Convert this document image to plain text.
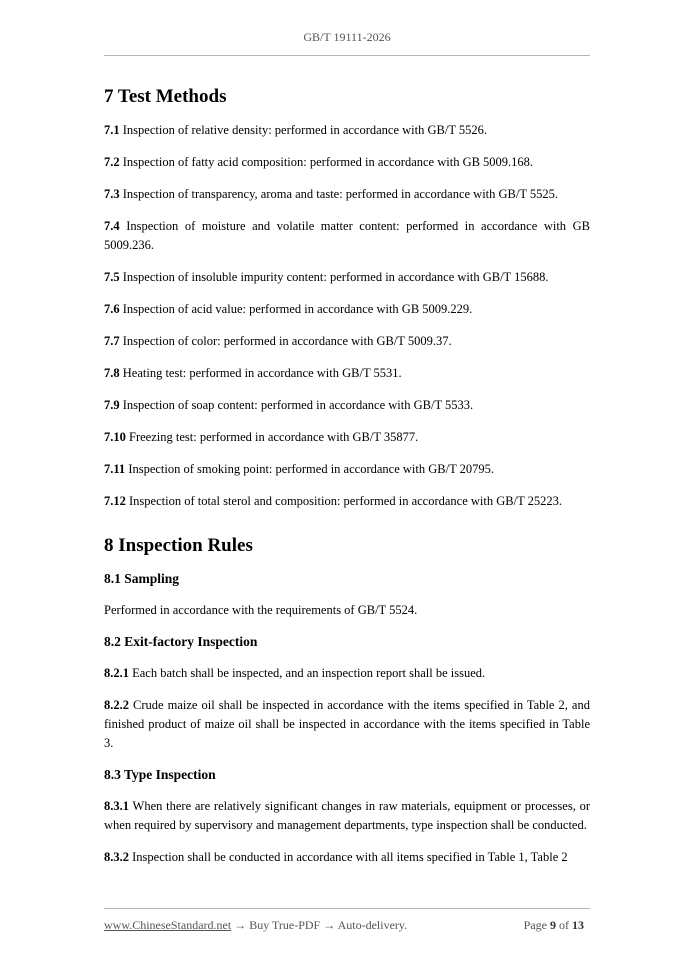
GB/T 19111-2026
7 Test Methods

7.1 Inspection of relative density: performed in accordance with GB/T 5526.

7.2 Inspection of fatty acid composition: performed in accordance with GB 5009.168.

7.3 Inspection of transparency, aroma and taste: performed in accordance with GB/T 5525.

7.4 Inspection of moisture and volatile matter content: performed in accordance with GB 5009.236.

7.5 Inspection of insoluble impurity content: performed in accordance with GB/T 15688.

7.6 Inspection of acid value: performed in accordance with GB 5009.229.

7.7 Inspection of color: performed in accordance with GB/T 5009.37.

7.8 Heating test: performed in accordance with GB/T 5531.

7.9 Inspection of soap content: performed in accordance with GB/T 5533.

7.10 Freezing test: performed in accordance with GB/T 35877.

7.11 Inspection of smoking point: performed in accordance with GB/T 20795.

7.12 Inspection of total sterol and composition: performed in accordance with GB/T 25223.

8 Inspection Rules
8.1 Sampling

Performed in accordance with the requirements of GB/T 5524.

8.2 Exit-factory Inspection

8.2.1 Each batch shall be inspected, and an inspection report shall be issued.

8.2.2 Crude maize oil shall be inspected in accordance with the items specified in Table 2, and finished product of maize oil shall be inspected in accordance with the items specified in Table 3.

8.3 Type Inspection

8.3.1 When there are relatively significant changes in raw materials, equipment or processes, or when required by supervisory and management departments, type inspection shall be conducted.

8.3.2 Inspection shall be conducted in accordance with all items specified in Table 1, Table 2

www.ChineseStandard.net → Buy True-PDF → Auto-delivery.	Page 9 of 13
